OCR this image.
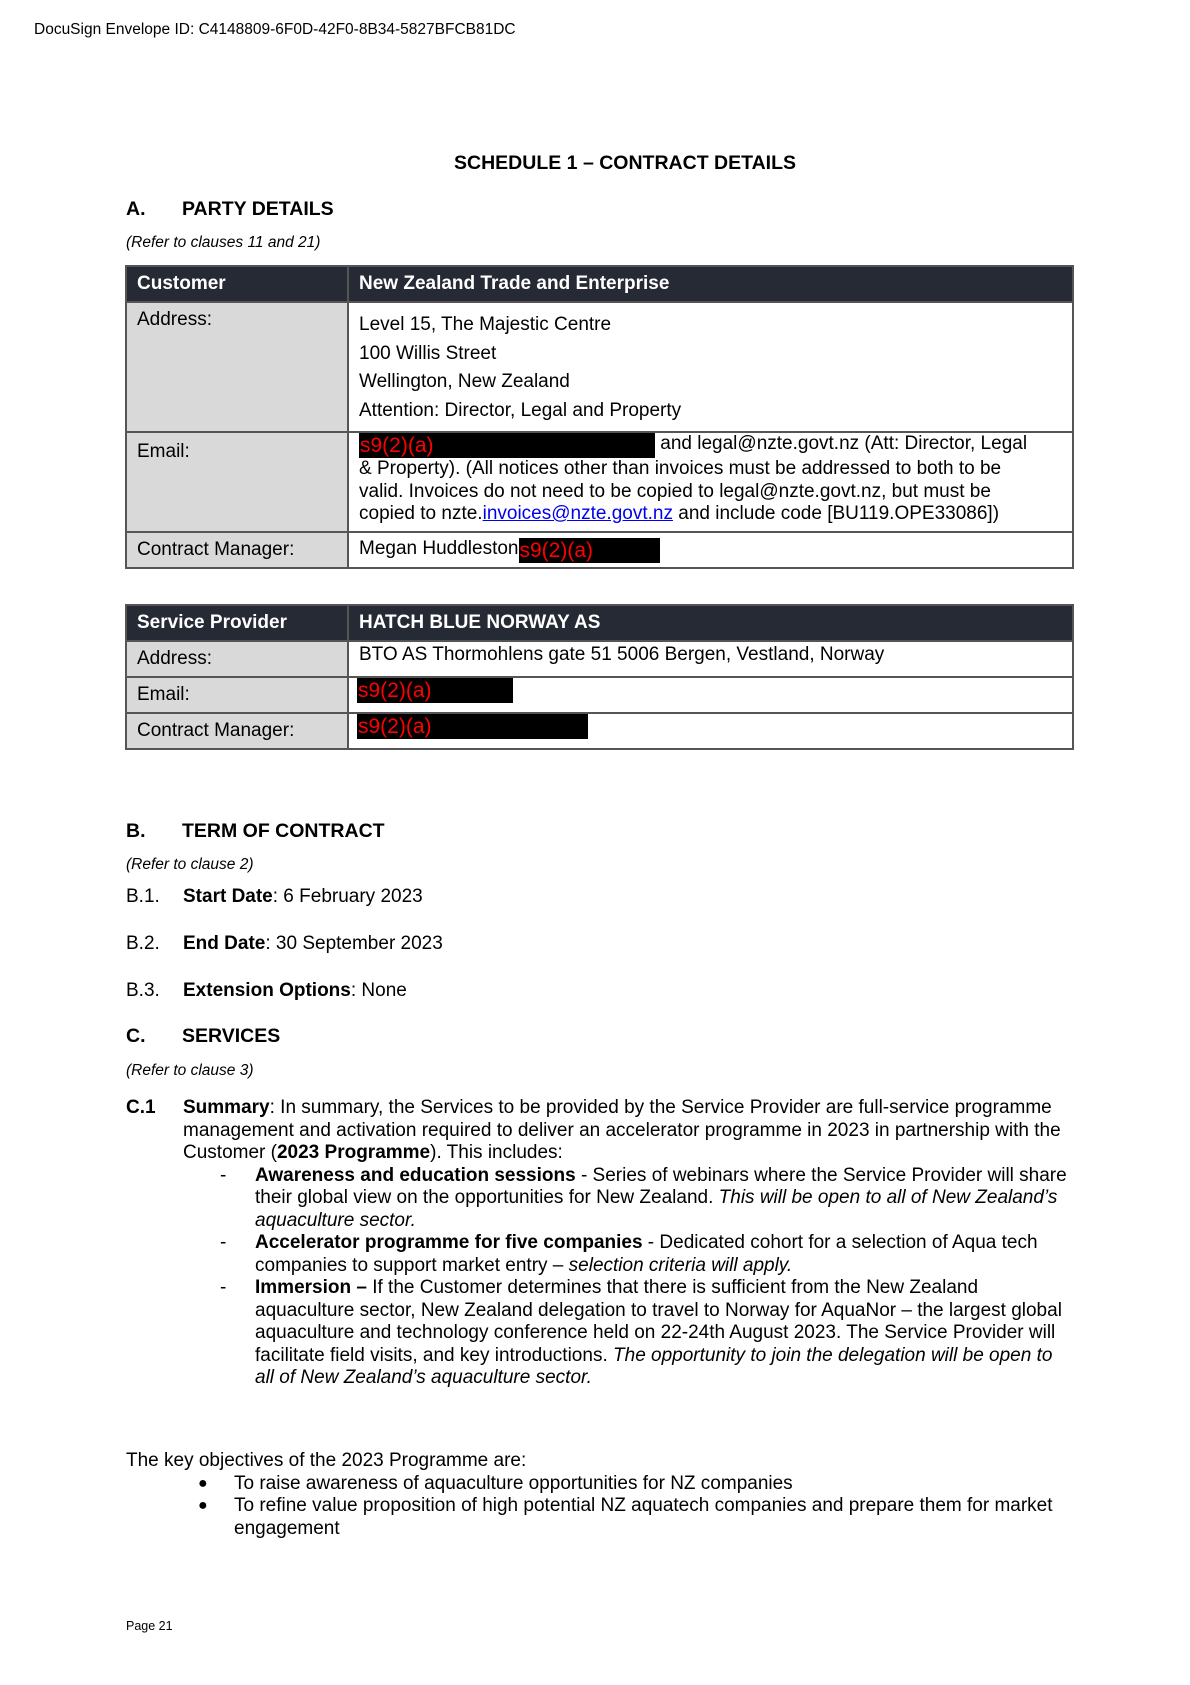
DocuSign Envelope ID: C4148809-6F0D-42F0-8B34-5827BFCB81DC
SCHEDULE 1 – CONTRACT DETAILS
A. PARTY DETAILS
(Refer to clauses 11 and 21)
Customer	New Zealand Trade and Enterprise
Address:	Level 15, The Majestic Centre
100 Willis Street
Wellington, New Zealand
Attention: Director, Legal and Property

Email:	s9(2)(a) and legal@nzte.govt.nz (Att: Director, Legal
& Property). (All notices other than invoices must be addressed to both to be
valid. Invoices do not need to be copied to legal@nzte.govt.nz, but must be
copied to nzte.invoices@nzte.govt.nz and include code [BU119.OPE33086])

Contract Manager:	Megan Huddlestons9(2)(a)
Service Provider	HATCH BLUE NORWAY AS
Address:	BTO AS Thormohlens gate 51 5006 Bergen, Vestland, Norway
Email:	s9(2)(a)
Contract Manager:	s9(2)(a)
B. TERM OF CONTRACT
(Refer to clause 2)
B.1. Start Date: 6 February 2023
B.2. End Date: 30 September 2023
B.3. Extension Options: None
C. SERVICES
(Refer to clause 3)
C.1 Summary: In summary, the Services to be provided by the Service Provider are full-service programme management and activation required to deliver an accelerator programme in 2023 in partnership with the Customer (2023 Programme). This includes:
- Awareness and education sessions - Series of webinars where the Service Provider will share their global view on the opportunities for New Zealand. This will be open to all of New Zealand’s aquaculture sector.
- Accelerator programme for five companies - Dedicated cohort for a selection of Aqua tech companies to support market entry – selection criteria will apply.
- Immersion – If the Customer determines that there is sufficient from the New Zealand aquaculture sector, New Zealand delegation to travel to Norway for AquaNor – the largest global aquaculture and technology conference held on 22-24th August 2023. The Service Provider will facilitate field visits, and key introductions. The opportunity to join the delegation will be open to all of New Zealand’s aquaculture sector.
The key objectives of the 2023 Programme are:
● To raise awareness of aquaculture opportunities for NZ companies
● To refine value proposition of high potential NZ aquatech companies and prepare them for market engagement
Page 21
